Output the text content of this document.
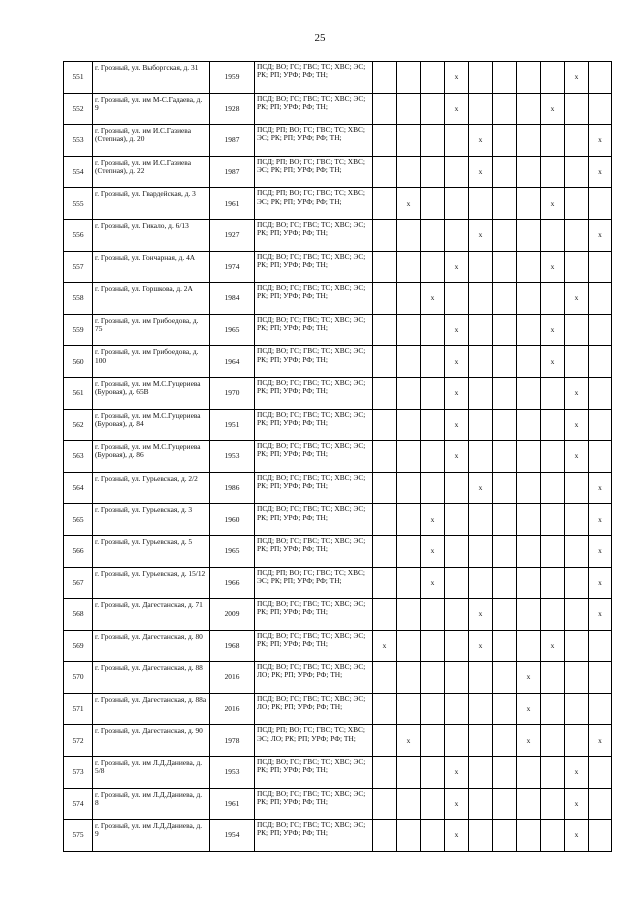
25
551	г. Грозный, ул. Выборгская, д. 31	1959	ПСД; ВО; ГС; ГВС; ТС; ХВС; ЭС; РК; РП; УРФ; РФ; ТН;				x					x	
552	г. Грозный, ул. им М-С.Гадаева, д. 9	1928	ПСД; ВО; ГС; ГВС; ТС; ХВС; ЭС; РК; РП; УРФ; РФ; ТН;				x				x		
553	г. Грозный, ул. им И.С.Газиева (Степная), д. 20	1987	ПСД; РП; ВО; ГС; ГВС; ТС; ХВС; ЭС; РК; РП; УРФ; РФ; ТН;					x					x
554	г. Грозный, ул. им И.С.Газиева (Степная), д. 22	1987	ПСД; РП; ВО; ГС; ГВС; ТС; ХВС; ЭС; РК; РП; УРФ; РФ; ТН;					x					x
555	г. Грозный, ул. Гвардейская, д. 3	1961	ПСД; РП; ВО; ГС; ГВС; ТС; ХВС; ЭС; РК; РП; УРФ; РФ; ТН;		x						x		
556	г. Грозный, ул. Гикало, д. 6/13	1927	ПСД; ВО; ГС; ГВС; ТС; ХВС; ЭС; РК; РП; УРФ; РФ; ТН;					x					x
557	г. Грозный, ул. Гончарная, д. 4А	1974	ПСД; ВО; ГС; ГВС; ТС; ХВС; ЭС; РК; РП; УРФ; РФ; ТН;				x				x		
558	г. Грозный, ул. Горшкова, д. 2А	1984	ПСД; ВО; ГС; ГВС; ТС; ХВС; ЭС; РК; РП; УРФ; РФ; ТН;			x						x	
559	г. Грозный, ул. им Грибоедова, д. 75	1965	ПСД; ВО; ГС; ГВС; ТС; ХВС; ЭС; РК; РП; УРФ; РФ; ТН;				x				x		
560	г. Грозный, ул. им Грибоедова, д. 100	1964	ПСД; ВО; ГС; ГВС; ТС; ХВС; ЭС; РК; РП; УРФ; РФ; ТН;				x				x		
561	г. Грозный, ул. им М.С.Гуцериева (Буровая), д. 65В	1970	ПСД; ВО; ГС; ГВС; ТС; ХВС; ЭС; РК; РП; УРФ; РФ; ТН;				x					x	
562	г. Грозный, ул. им М.С.Гуцериева (Буровая), д. 84	1951	ПСД; ВО; ГС; ГВС; ТС; ХВС; ЭС; РК; РП; УРФ; РФ; ТН;				x					x	
563	г. Грозный, ул. им М.С.Гуцериева (Буровая), д. 86	1953	ПСД; ВО; ГС; ГВС; ТС; ХВС; ЭС; РК; РП; УРФ; РФ; ТН;				x					x	
564	г. Грозный, ул. Гурьевская, д. 2/2	1986	ПСД; ВО; ГС; ГВС; ТС; ХВС; ЭС; РК; РП; УРФ; РФ; ТН;					x					x
565	г. Грозный, ул. Гурьевская, д. 3	1960	ПСД; ВО; ГС; ГВС; ТС; ХВС; ЭС; РК; РП; УРФ; РФ; ТН;			x							x
566	г. Грозный, ул. Гурьевская, д. 5	1965	ПСД; ВО; ГС; ГВС; ТС; ХВС; ЭС; РК; РП; УРФ; РФ; ТН;			x							x
567	г. Грозный, ул. Гурьевская, д. 15/12	1966	ПСД; РП; ВО; ГС; ГВС; ТС; ХВС; ЭС; РК; РП; УРФ; РФ; ТН;			x							x
568	г. Грозный, ул. Дагестанская, д. 71	2009	ПСД; ВО; ГС; ГВС; ТС; ХВС; ЭС; РК; РП; УРФ; РФ; ТН;					x					x
569	г. Грозный, ул. Дагестанская, д. 80	1968	ПСД; ВО; ГС; ГВС; ТС; ХВС; ЭС; РК; РП; УРФ; РФ; ТН;	x				x			x		
570	г. Грозный, ул. Дагестанская, д. 88	2016	ПСД; ВО; ГС; ГВС; ТС; ХВС; ЭС; ЛО; РК; РП; УРФ; РФ; ТН;							x			
571	г. Грозный, ул. Дагестанская, д. 88а	2016	ПСД; ВО; ГС; ГВС; ТС; ХВС; ЭС; ЛО; РК; РП; УРФ; РФ; ТН;							x			
572	г. Грозный, ул. Дагестанская, д. 90	1978	ПСД; РП; ВО; ГС; ГВС; ТС; ХВС; ЭС; ЛО; РК; РП; УРФ; РФ; ТН;		x					x			x
573	г. Грозный, ул. им Л.Д.Даниева, д. 5/8	1953	ПСД; ВО; ГС; ГВС; ТС; ХВС; ЭС; РК; РП; УРФ; РФ; ТН;				x					x	
574	г. Грозный, ул. им Л.Д.Даниева, д. 8	1961	ПСД; ВО; ГС; ГВС; ТС; ХВС; ЭС; РК; РП; УРФ; РФ; ТН;				x					x	
575	г. Грозный, ул. им Л.Д.Даниева, д. 9	1954	ПСД; ВО; ГС; ГВС; ТС; ХВС; ЭС; РК; РП; УРФ; РФ; ТН;				x					x	
